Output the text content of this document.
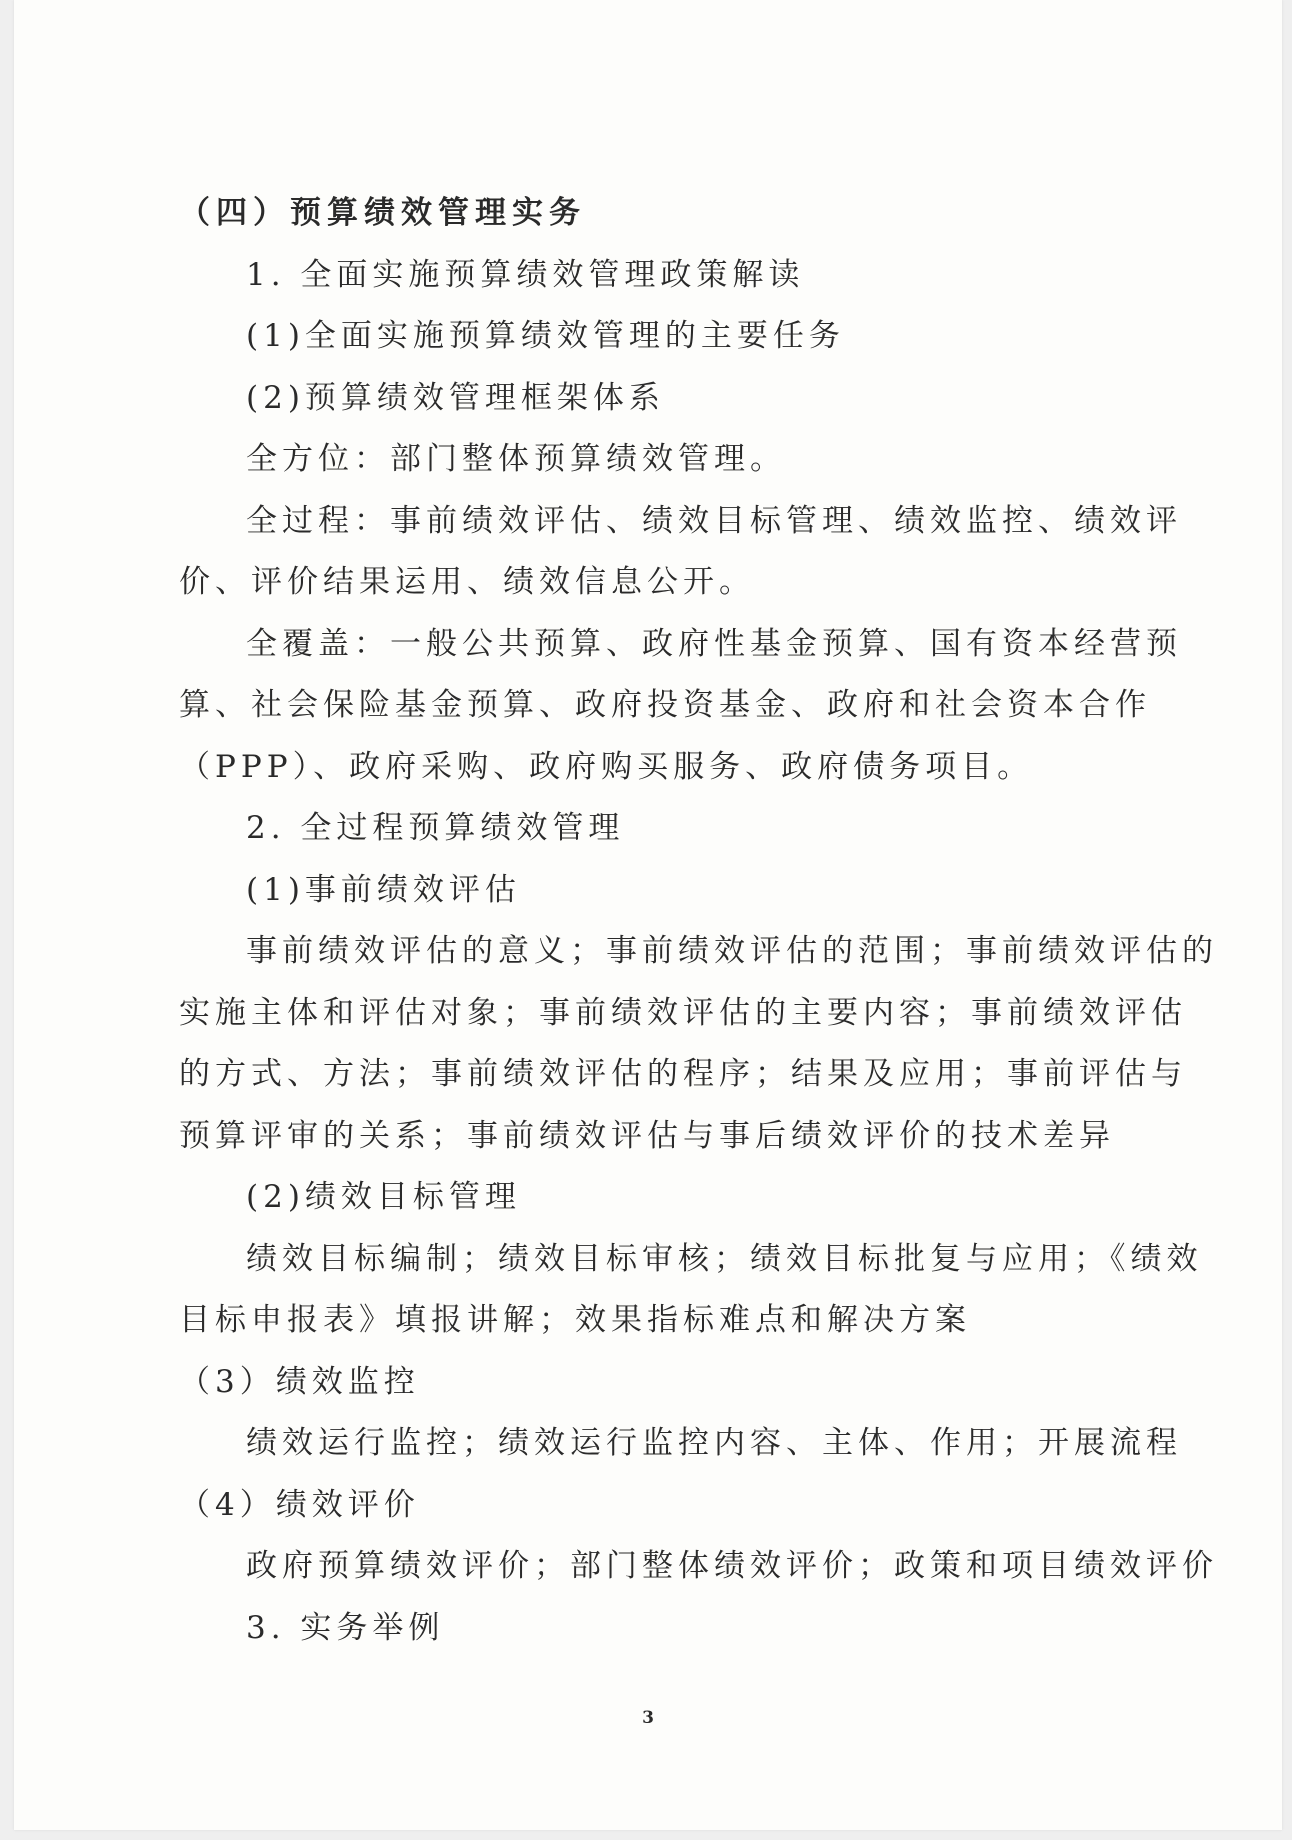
（四）预算绩效管理实务

1. 全面实施预算绩效管理政策解读

(1)全面实施预算绩效管理的主要任务

(2)预算绩效管理框架体系

全方位：部门整体预算绩效管理。

全过程：事前绩效评估、绩效目标管理、绩效监控、绩效评价、评价结果运用、绩效信息公开。

全覆盖：一般公共预算、政府性基金预算、国有资本经营预算、社会保险基金预算、政府投资基金、政府和社会资本合作（PPP）、政府采购、政府购买服务、政府债务项目。

2. 全过程预算绩效管理

(1)事前绩效评估

事前绩效评估的意义；事前绩效评估的范围；事前绩效评估的实施主体和评估对象；事前绩效评估的主要内容；事前绩效评估的方式、方法；事前绩效评估的程序；结果及应用；事前评估与预算评审的关系；事前绩效评估与事后绩效评价的技术差异

(2)绩效目标管理

绩效目标编制；绩效目标审核；绩效目标批复与应用；《绩效目标申报表》填报讲解；效果指标难点和解决方案

（3）绩效监控

绩效运行监控；绩效运行监控内容、主体、作用；开展流程

（4）绩效评价

政府预算绩效评价；部门整体绩效评价；政策和项目绩效评价

3. 实务举例

3
